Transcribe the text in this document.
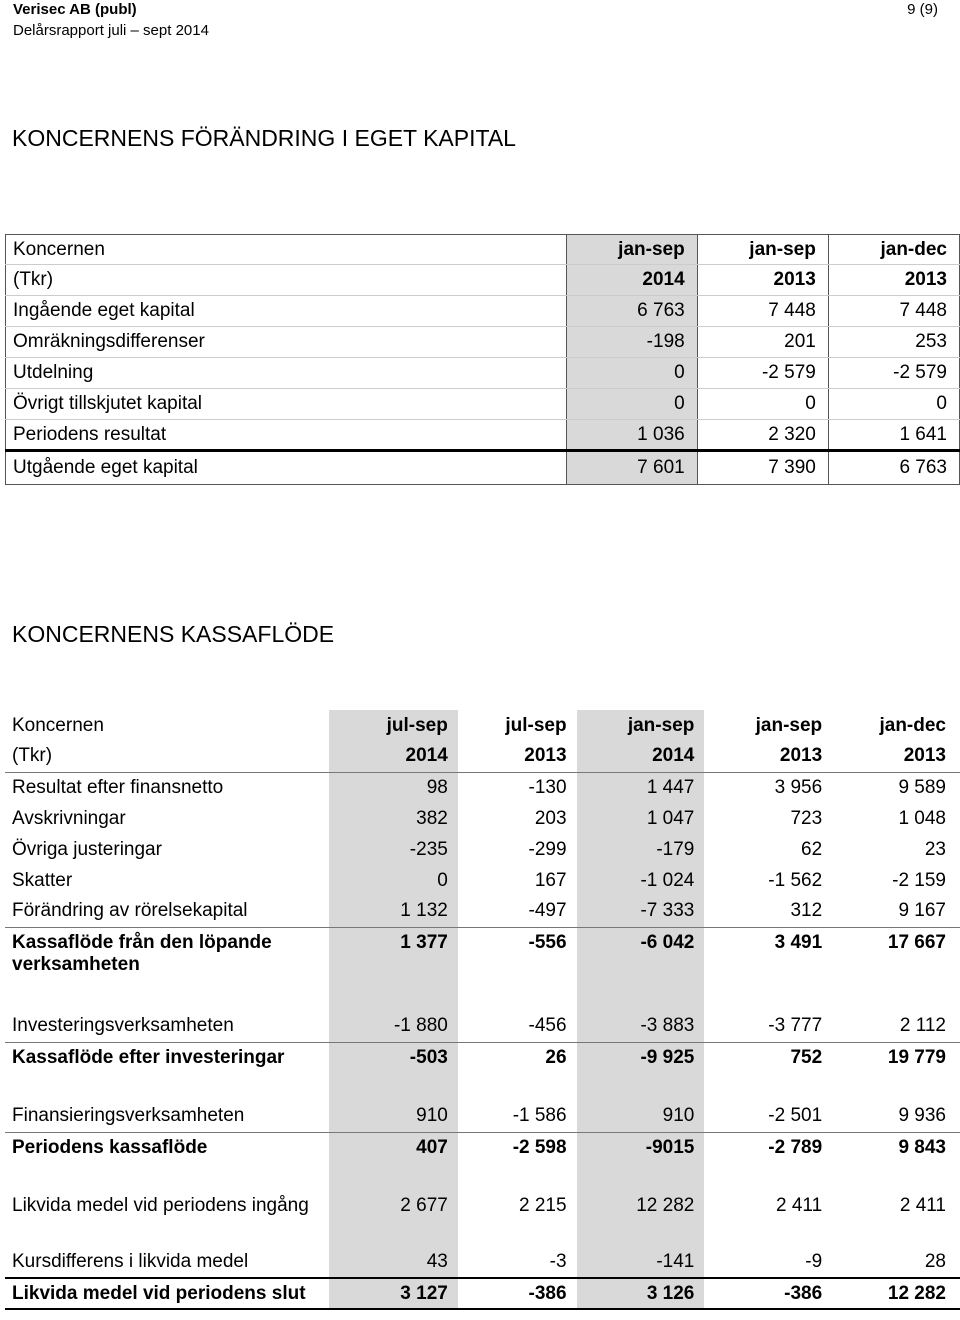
Verisec AB (publ)
Delårsrapport juli – sept 2014
9 (9)
KONCERNENS FÖRÄNDRING I EGET KAPITAL
Koncernen	jan-sep	jan-sep	jan-dec
(Tkr)	2014	2013	2013
Ingående eget kapital	6 763	7 448	7 448
Omräkningsdifferenser	-198	201	253
Utdelning	0	-2 579	-2 579
Övrigt tillskjutet kapital	0	0	0
Periodens resultat	1 036	2 320	1 641
Utgående eget kapital	7 601	7 390	6 763
KONCERNENS KASSAFLÖDE
Koncernen	jul-sep	jul-sep	jan-sep	jan-sep	jan-dec
(Tkr)	2014	2013	2014	2013	2013
Resultat efter finansnetto	98	-130	1 447	3 956	9 589
Avskrivningar	382	203	1 047	723	1 048
Övriga justeringar	-235	-299	-179	62	23
Skatter	0	167	-1 024	-1 562	-2 159
Förändring av rörelsekapital	1 132	-497	-7 333	312	9 167
Kassaflöde från den löpande verksamheten	1 377	-556	-6 042	3 491	17 667

Investeringsverksamheten	-1 880	-456	-3 883	-3 777	2 112
Kassaflöde efter investeringar	-503	26	-9 925	752	19 779

Finansieringsverksamheten	910	-1 586	910	-2 501	9 936
Periodens kassaflöde	407	-2 598	-9015	-2 789	9 843

Likvida medel vid periodens ingång	2 677	2 215	12 282	2 411	2 411
Kursdifferens i likvida medel	43	-3	-141	-9	28
Likvida medel vid periodens slut	3 127	-386	3 126	-386	12 282
